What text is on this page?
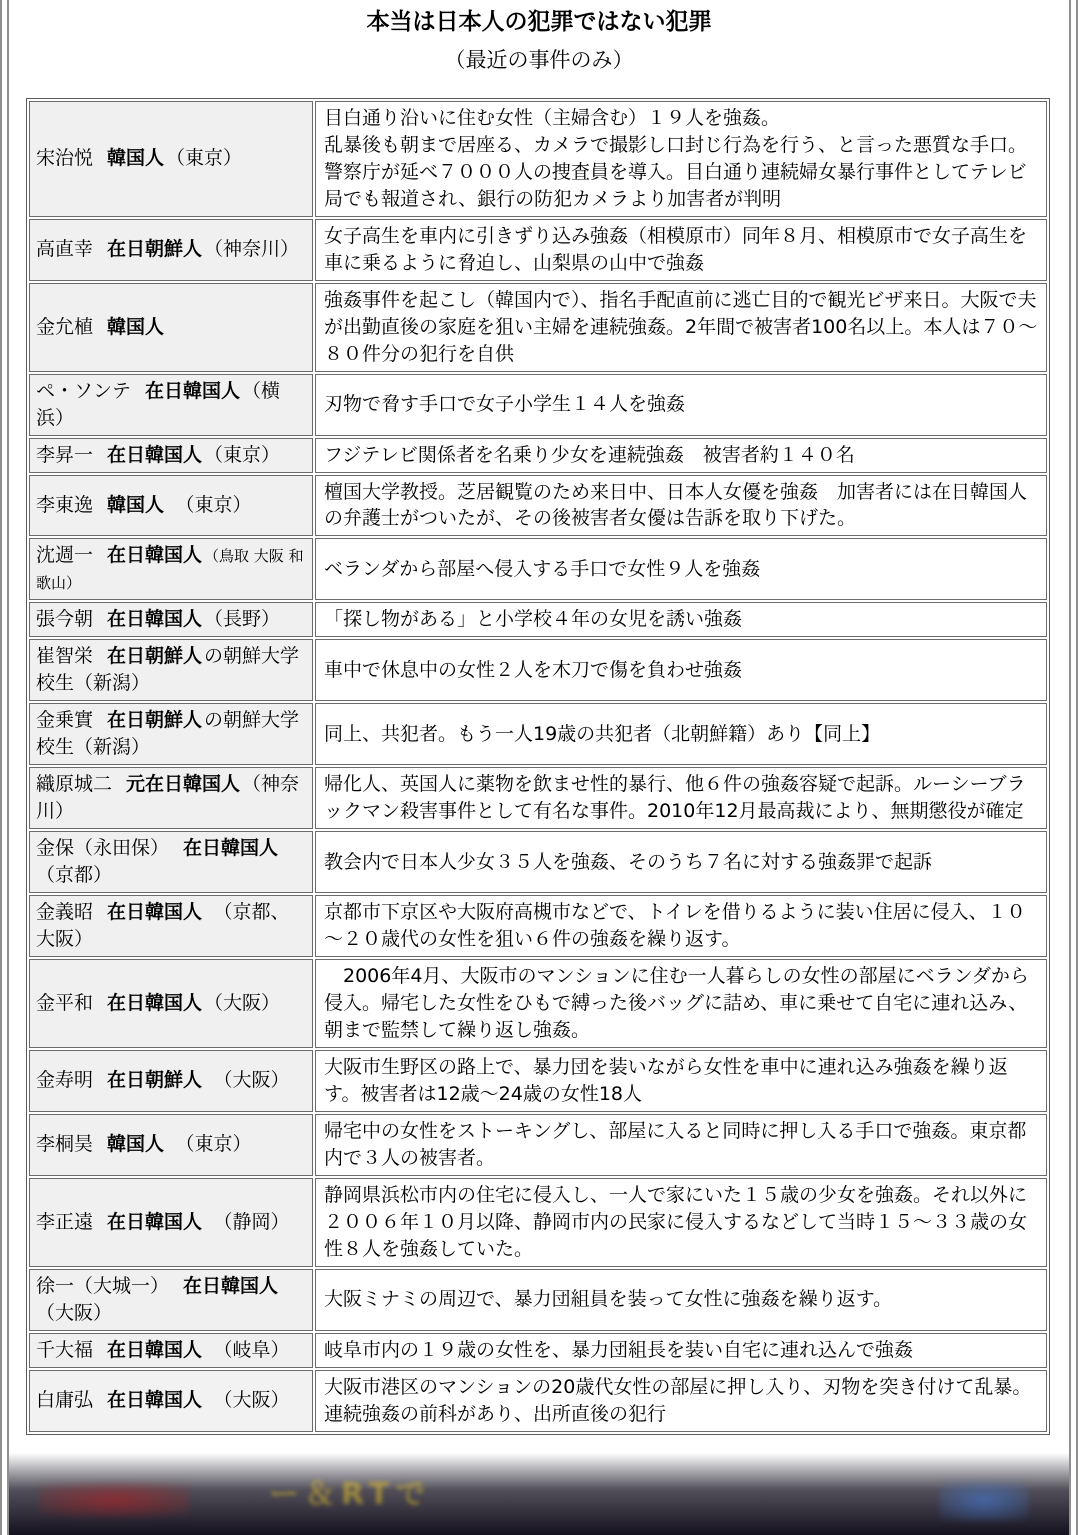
ー＆RTで
本当は日本人の犯罪ではない犯罪
（最近の事件のみ）
宋治悦 韓国人 （東京）	目白通り沿いに住む女性（主婦含む）１９人を強姦。
乱暴後も朝まで居座る、カメラで撮影し口封じ行為を行う、と言った悪質な手口。警察庁が延べ７０００人の捜査員を導入。目白通り連続婦女暴行事件としてテレビ局でも報道され、銀行の防犯カメラより加害者が判明
高直幸 在日朝鮮人 （神奈川）	女子高生を車内に引きずり込み強姦（相模原市）同年８月、相模原市で女子高生を車に乗るように脅迫し、山梨県の山中で強姦
金允植 韓国人	強姦事件を起こし（韓国内で）、指名手配直前に逃亡目的で観光ビザ来日。大阪で夫が出勤直後の家庭を狙い主婦を連続強姦。2年間で被害者100名以上。本人は７０～８０件分の犯行を自供
ペ・ソンテ 在日韓国人 （横浜）	刃物で脅す手口で女子小学生１４人を強姦
李昇一 在日韓国人 （東京）	フジテレビ関係者を名乗り少女を連続強姦　被害者約１４０名
李東逸 韓国人　（東京）	檀国大学教授。芝居観覧のため来日中、日本人女優を強姦　加害者には在日韓国人の弁護士がついたが、その後被害者女優は告訴を取り下げた。
沈週一 在日韓国人 （鳥取 大阪 和歌山）	ベランダから部屋へ侵入する手口で女性９人を強姦
張今朝 在日韓国人 （長野）	「探し物がある」と小学校４年の女児を誘い強姦
崔智栄 在日朝鮮人 の朝鮮大学校生（新潟）	車中で休息中の女性２人を木刀で傷を負わせ強姦
金乗實 在日朝鮮人 の朝鮮大学校生（新潟）	同上、共犯者。もう一人19歳の共犯者（北朝鮮籍）あり【同上】
織原城二 元在日韓国人 （神奈川）	帰化人、英国人に薬物を飲ませ性的暴行、他６件の強姦容疑で起訴。ルーシーブラックマン殺害事件として有名な事件。2010年12月最高裁により、無期懲役が確定
金保（永田保） 在日韓国人　（京都）	教会内で日本人少女３５人を強姦、そのうち７名に対する強姦罪で起訴
金義昭 在日韓国人　（京都、大阪）	京都市下京区や大阪府高槻市などで、トイレを借りるように装い住居に侵入、１０～２０歳代の女性を狙い６件の強姦を繰り返す。
金平和 在日韓国人 （大阪）	　2006年4月、大阪市のマンションに住む一人暮らしの女性の部屋にベランダから侵入。帰宅した女性をひもで縛った後バッグに詰め、車に乗せて自宅に連れ込み、朝まで監禁して繰り返し強姦。
金寿明 在日朝鮮人　（大阪）	大阪市生野区の路上で、暴力団を装いながら女性を車中に連れ込み強姦を繰り返す。被害者は12歳～24歳の女性18人
李桐昊 韓国人　（東京）	帰宅中の女性をストーキングし、部屋に入ると同時に押し入る手口で強姦。東京都内で３人の被害者。
李正遠 在日韓国人　（静岡）	静岡県浜松市内の住宅に侵入し、一人で家にいた１５歳の少女を強姦。それ以外に２００６年１０月以降、静岡市内の民家に侵入するなどして当時１５～３３歳の女性８人を強姦していた。
徐一（大城一） 在日韓国人　（大阪）	大阪ミナミの周辺で、暴力団組員を装って女性に強姦を繰り返す。
千大福 在日韓国人　（岐阜）	岐阜市内の１９歳の女性を、暴力団組長を装い自宅に連れ込んで強姦
白庸弘 在日韓国人　（大阪）	大阪市港区のマンションの20歳代女性の部屋に押し入り、刃物を突き付けて乱暴。 連続強姦の前科があり、出所直後の犯行
